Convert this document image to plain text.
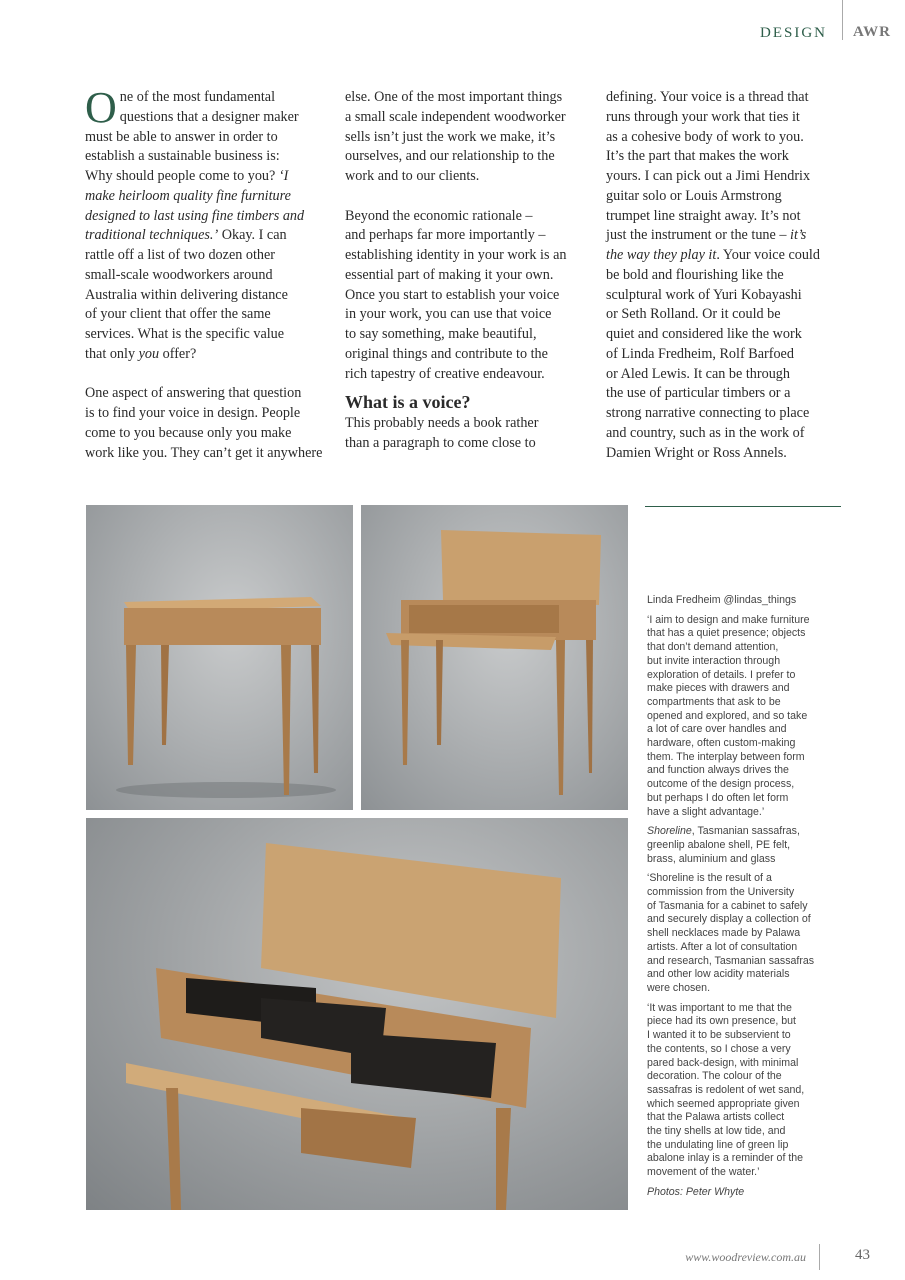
DESIGN AWR
O ne of the most fundamental
questions that a designer maker
must be able to answer in order to
establish a sustainable business is:
Why should people come to you? ‘I
make heirloom quality fine furniture
designed to last using fine timbers and
traditional techniques.’ Okay. I can
rattle off a list of two dozen other
small-scale woodworkers around
Australia within delivering distance
of your client that offer the same
services. What is the specific value
that only you offer?
One aspect of answering that question
is to find your voice in design. People
come to you because only you make
work like you. They can’t get it anywhere
else. One of the most important things
a small scale independent woodworker
sells isn’t just the work we make, it’s
ourselves, and our relationship to the
work and to our clients.
Beyond the economic rationale –
and perhaps far more importantly –
establishing identity in your work is an
essential part of making it your own.
Once you start to establish your voice
in your work, you can use that voice
to say something, make beautiful,
original things and contribute to the
rich tapestry of creative endeavour.
What is a voice?
This probably needs a book rather
than a paragraph to come close to
defining. Your voice is a thread that
runs through your work that ties it
as a cohesive body of work to you.
It’s the part that makes the work
yours. I can pick out a Jimi Hendrix
guitar solo or Louis Armstrong
trumpet line straight away. It’s not
just the instrument or the tune – it’s
the way they play it. Your voice could
be bold and flourishing like the
sculptural work of Yuri Kobayashi
or Seth Rolland. Or it could be
quiet and considered like the work
of Linda Fredheim, Rolf Barfoed
or Aled Lewis. It can be through
the use of particular timbers or a
strong narrative connecting to place
and country, such as in the work of
Damien Wright or Ross Annels.

Linda Fredheim @lindas_things

‘I aim to design and make furniture
that has a quiet presence; objects
that don’t demand attention,
but invite interaction through
exploration of details. I prefer to
make pieces with drawers and
compartments that ask to be
opened and explored, and so take
a lot of care over handles and
hardware, often custom-making
them. The interplay between form
and function always drives the
outcome of the design process,
but perhaps I do often let form
have a slight advantage.’

Shoreline, Tasmanian sassafras,
greenlip abalone shell, PE felt,
brass, aluminium and glass

‘Shoreline is the result of a
commission from the University
of Tasmania for a cabinet to safely
and securely display a collection of
shell necklaces made by Palawa
artists. After a lot of consultation
and research, Tasmanian sassafras
and other low acidity materials
were chosen.

‘It was important to me that the
piece had its own presence, but
I wanted it to be subservient to
the contents, so I chose a very
pared back-design, with minimal
decoration. The colour of the
sassafras is redolent of wet sand,
which seemed appropriate given
that the Palawa artists collect
the tiny shells at low tide, and
the undulating line of green lip
abalone inlay is a reminder of the
movement of the water.’

Photos: Peter Whyte

www.woodreview.com.au	43
